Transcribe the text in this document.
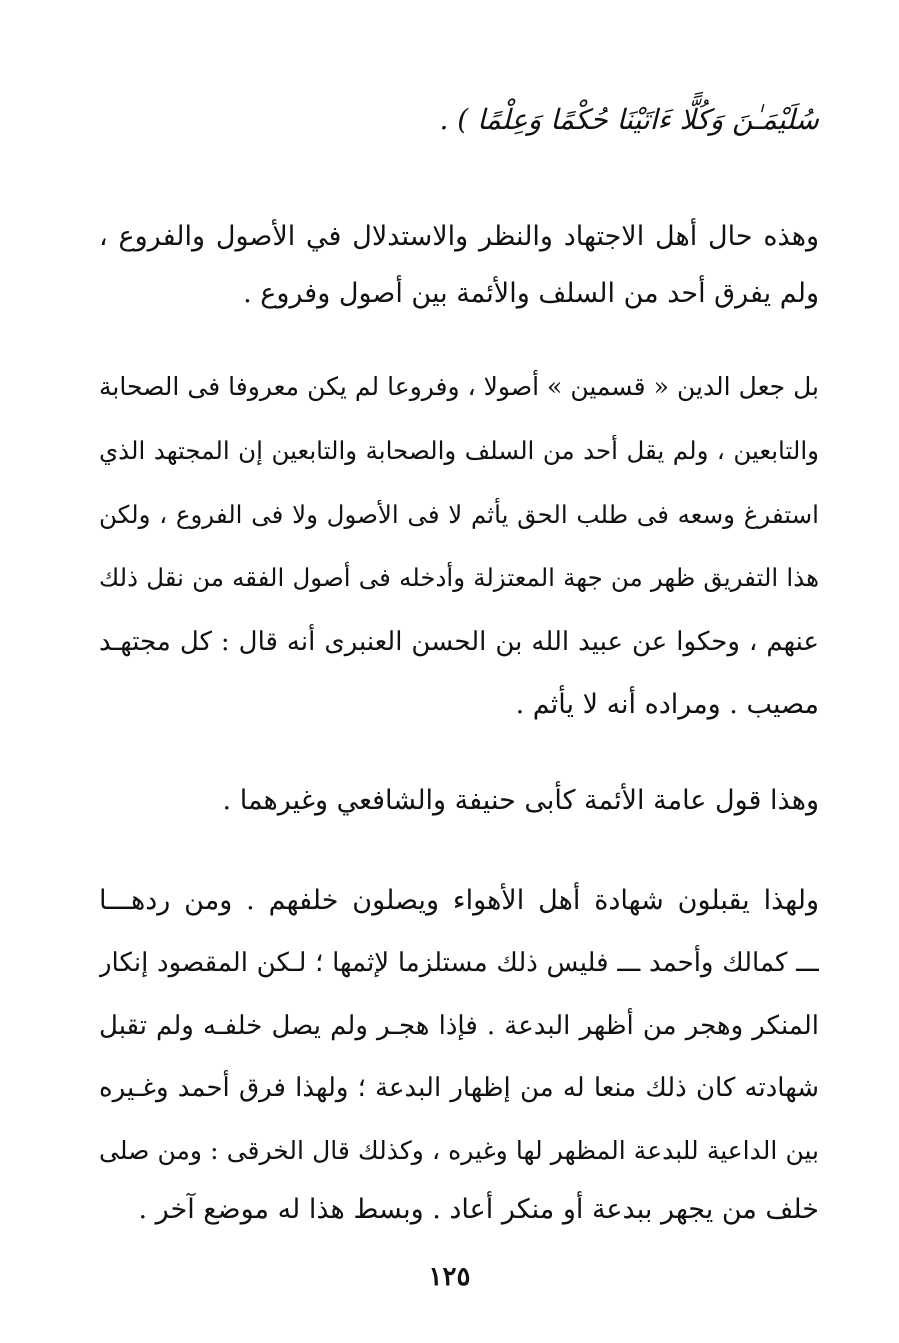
سُلَيْمَـٰنَ وَكُلًّا ءَاتَيْنَا حُكْمًا وَعِلْمًا ) .
وهذه حال أهل الاجتهاد والنظر والاستدلال في الأصول والفروع ،
ولم يفرق أحد من السلف والأئمة بين أصول وفروع .
بل جعل الدين « قسمين » أصولا ، وفروعا لم يكن معروفا فى الصحابة
والتابعين ، ولم يقل أحد من السلف والصحابة والتابعين إن المجتهد الذي
استفرغ وسعه فى طلب الحق يأثم لا فى الأصول ولا فى الفروع ، ولكن
هذا التفريق ظهر من جهة المعتزلة وأدخله فى أصول الفقه من نقل ذلك
عنهم ، وحكوا عن عبيد الله بن الحسن العنبرى أنه قال : كل مجتهـد
مصيب . ومراده أنه لا يأثم .
وهذا قول عامة الأئمة كأبى حنيفة والشافعي وغيرهما .
ولهذا يقبلون شهادة أهل الأهواء ويصلون خلفهم . ومن ردهـــا
ـــ كمالك وأحمد ـــ فليس ذلك مستلزما لإثمها ؛ لـكن المقصود إنكار
المنكر وهجر من أظهر البدعة . فإذا هجـر ولم يصل خلفـه ولم تقبل
شهادته كان ذلك منعا له من إظهار البدعة ؛ ولهذا فرق أحمد وغـيره
بين الداعية للبدعة المظهر لها وغيره ، وكذلك قال الخرقى : ومن صلى
خلف من يجهر ببدعة أو منكر أعاد . وبسط هذا له موضع آخر .
١٢٥
